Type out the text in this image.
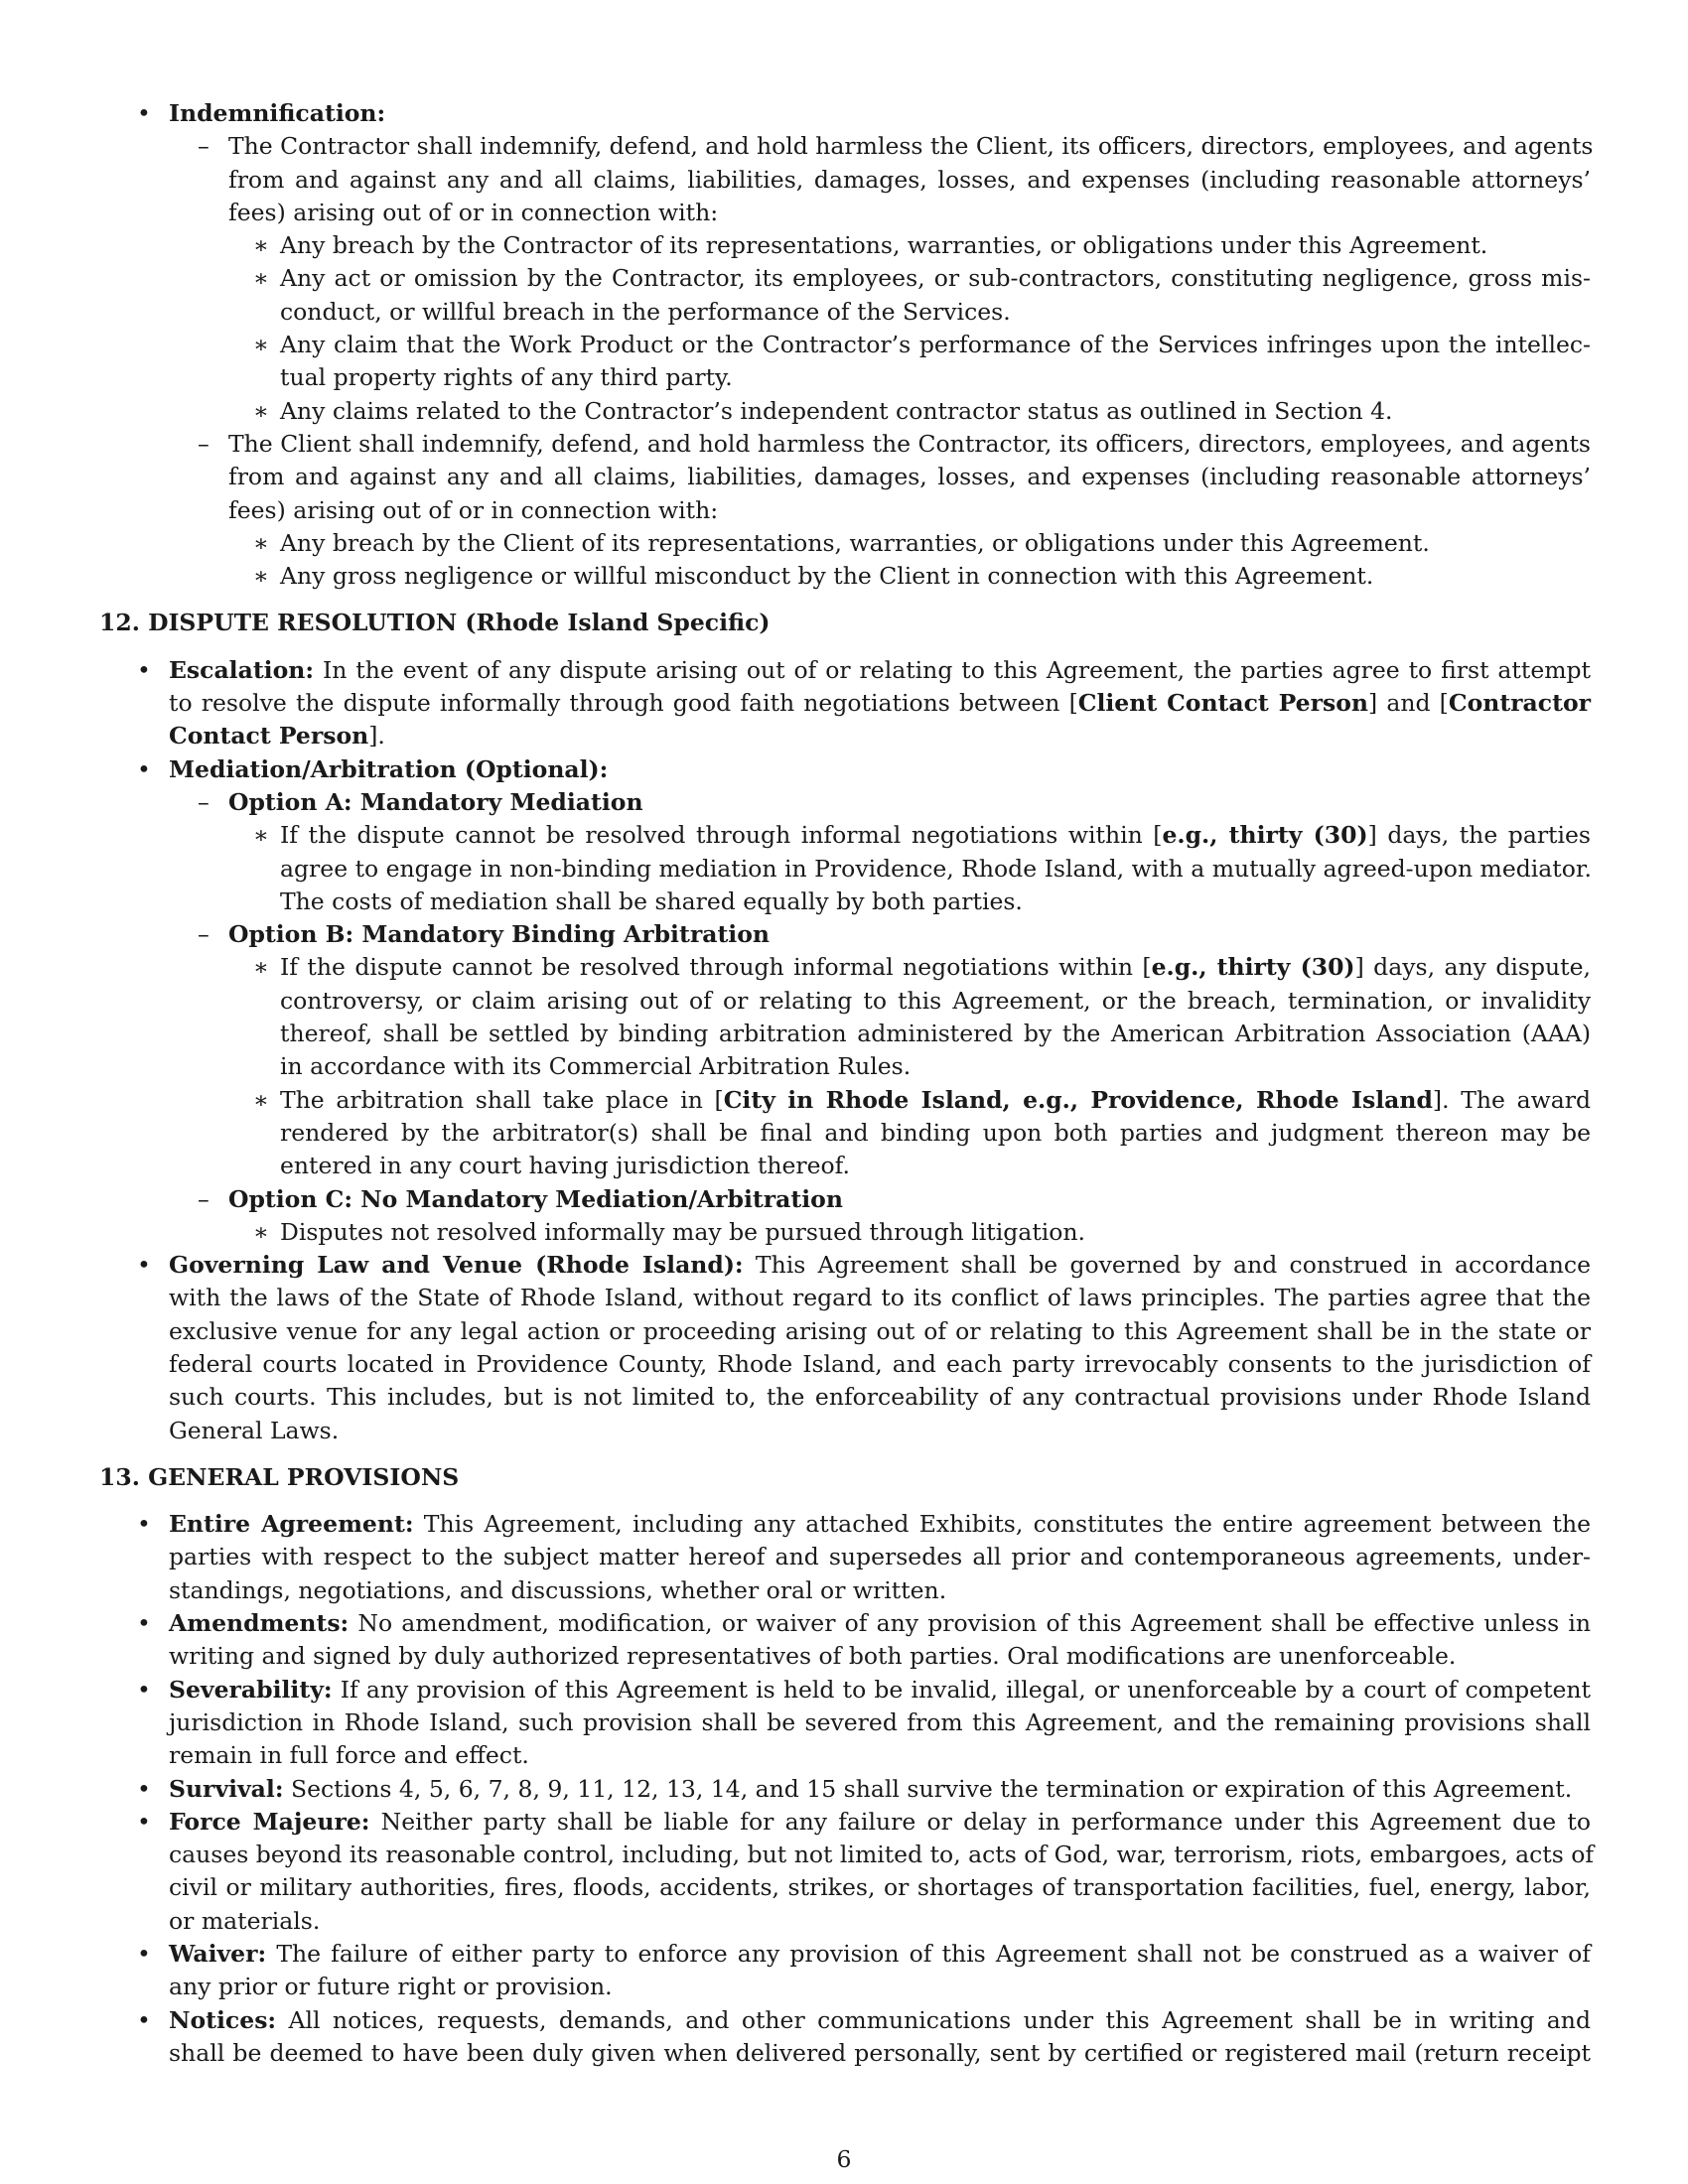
• Indemnification:
– The Contractor shall indemnify, defend, and hold harmless the Client, its officers, directors, employees, and agents
from and against any and all claims, liabilities, damages, losses, and expenses (including reasonable attorneys’
fees) arising out of or in connection with:
∗ Any breach by the Contractor of its representations, warranties, or obligations under this Agreement.
∗ Any act or omission by the Contractor, its employees, or sub-contractors, constituting negligence, gross mis-
conduct, or willful breach in the performance of the Services.
∗ Any claim that the Work Product or the Contractor’s performance of the Services infringes upon the intellec-
tual property rights of any third party.
∗ Any claims related to the Contractor’s independent contractor status as outlined in Section 4.
– The Client shall indemnify, defend, and hold harmless the Contractor, its officers, directors, employees, and agents
from and against any and all claims, liabilities, damages, losses, and expenses (including reasonable attorneys’
fees) arising out of or in connection with:
∗ Any breach by the Client of its representations, warranties, or obligations under this Agreement.
∗ Any gross negligence or willful misconduct by the Client in connection with this Agreement.
12. DISPUTE RESOLUTION (Rhode Island Specific)
• Escalation: In the event of any dispute arising out of or relating to this Agreement, the parties agree to first attempt
to resolve the dispute informally through good faith negotiations between [Client Contact Person] and [Contractor
Contact Person].
• Mediation/Arbitration (Optional):
– Option A: Mandatory Mediation
∗ If the dispute cannot be resolved through informal negotiations within [e.g., thirty (30)] days, the parties
agree to engage in non-binding mediation in Providence, Rhode Island, with a mutually agreed-upon mediator.
The costs of mediation shall be shared equally by both parties.
– Option B: Mandatory Binding Arbitration
∗ If the dispute cannot be resolved through informal negotiations within [e.g., thirty (30)] days, any dispute,
controversy, or claim arising out of or relating to this Agreement, or the breach, termination, or invalidity
thereof, shall be settled by binding arbitration administered by the American Arbitration Association (AAA)
in accordance with its Commercial Arbitration Rules.
∗ The arbitration shall take place in [City in Rhode Island, e.g., Providence, Rhode Island]. The award
rendered by the arbitrator(s) shall be final and binding upon both parties and judgment thereon may be
entered in any court having jurisdiction thereof.
– Option C: No Mandatory Mediation/Arbitration
∗ Disputes not resolved informally may be pursued through litigation.
• Governing Law and Venue (Rhode Island): This Agreement shall be governed by and construed in accordance
with the laws of the State of Rhode Island, without regard to its conflict of laws principles. The parties agree that the
exclusive venue for any legal action or proceeding arising out of or relating to this Agreement shall be in the state or
federal courts located in Providence County, Rhode Island, and each party irrevocably consents to the jurisdiction of
such courts. This includes, but is not limited to, the enforceability of any contractual provisions under Rhode Island
General Laws.
13. GENERAL PROVISIONS
• Entire Agreement: This Agreement, including any attached Exhibits, constitutes the entire agreement between the
parties with respect to the subject matter hereof and supersedes all prior and contemporaneous agreements, under-
standings, negotiations, and discussions, whether oral or written.
• Amendments: No amendment, modification, or waiver of any provision of this Agreement shall be effective unless in
writing and signed by duly authorized representatives of both parties. Oral modifications are unenforceable.
• Severability: If any provision of this Agreement is held to be invalid, illegal, or unenforceable by a court of competent
jurisdiction in Rhode Island, such provision shall be severed from this Agreement, and the remaining provisions shall
remain in full force and effect.
• Survival: Sections 4, 5, 6, 7, 8, 9, 11, 12, 13, 14, and 15 shall survive the termination or expiration of this Agreement.
• Force Majeure: Neither party shall be liable for any failure or delay in performance under this Agreement due to
causes beyond its reasonable control, including, but not limited to, acts of God, war, terrorism, riots, embargoes, acts of
civil or military authorities, fires, floods, accidents, strikes, or shortages of transportation facilities, fuel, energy, labor,
or materials.
• Waiver: The failure of either party to enforce any provision of this Agreement shall not be construed as a waiver of
any prior or future right or provision.
• Notices: All notices, requests, demands, and other communications under this Agreement shall be in writing and
shall be deemed to have been duly given when delivered personally, sent by certified or registered mail (return receipt
6
